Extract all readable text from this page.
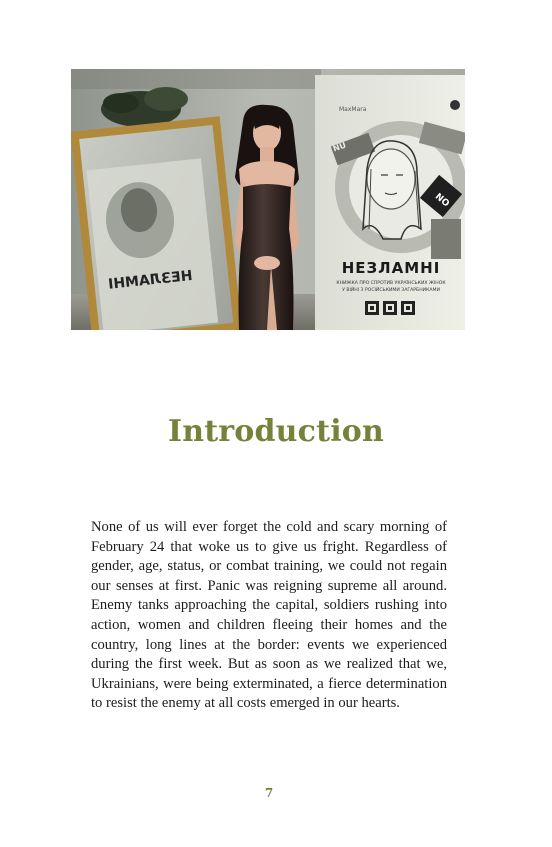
НЕЗЛАМНІ
MaxMara
NO
NU
НЕЗЛАМНІ
КНИЖКА ПРО СПРОТИВ УКРАЇНСЬКИХ ЖІНОК
У ВІЙНІ З РОСІЙСЬКИМИ ЗАГАРБНИКАМИ
Introduction

None of us will ever forget the cold and scary morning of February 24 that woke us to give us fright. Regardless of gender, age, status, or combat training, we could not regain our senses at first. Panic was reigning supreme all around. Enemy tanks approaching the capital, soldiers rushing into action, women and children fleeing their homes and the country, long lines at the border: events we experienced during the first week. But as soon as we realized that we, Ukrainians, were being exterminated, a fierce determination to resist the enemy at all costs emerged in our hearts.

7
